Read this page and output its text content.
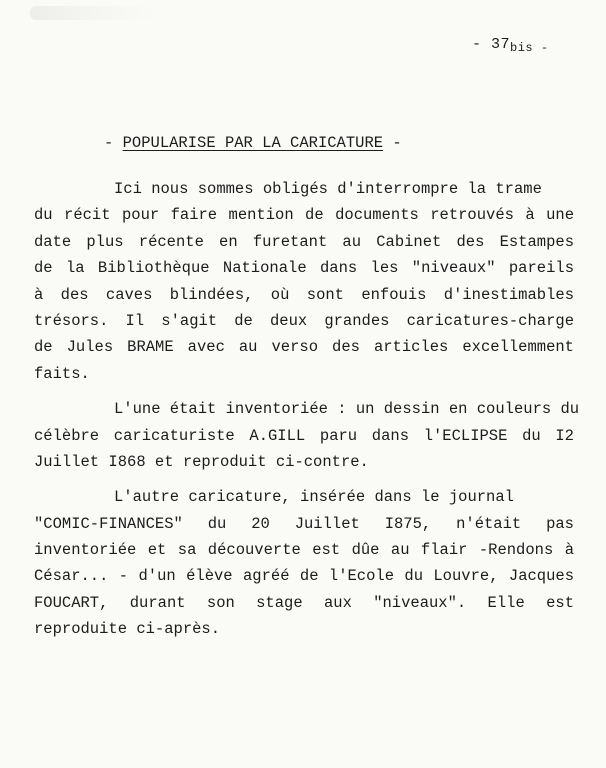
- $37_{bis -}$
- POPULARISE PAR LA CARICATURE -
Ici nous sommes obligés d'interrompre la trame
du récit pour faire mention de documents retrouvés à une
date plus récente en furetant au Cabinet des Estampes
de la Bibliothèque Nationale dans les "niveaux" pareils
à des caves blindées, où sont enfouis d'inestimables
trésors. Il s'agit de deux grandes caricatures-charge
de Jules BRAME avec au verso des articles excellemment
faits.
L'une était inventoriée : un dessin en couleurs du
célèbre caricaturiste A.GILL paru dans l'ECLIPSE du I2
Juillet I868 et reproduit ci-contre.
L'autre caricature, insérée dans le journal
"COMIC-FINANCES" du 20 Juillet I875, n'était pas
inventoriée et sa découverte est dûe au flair -Rendons à
César... - d'un élève agréé de l'Ecole du Louvre, Jacques
FOUCART, durant son stage aux "niveaux". Elle est
reproduite ci-après.
